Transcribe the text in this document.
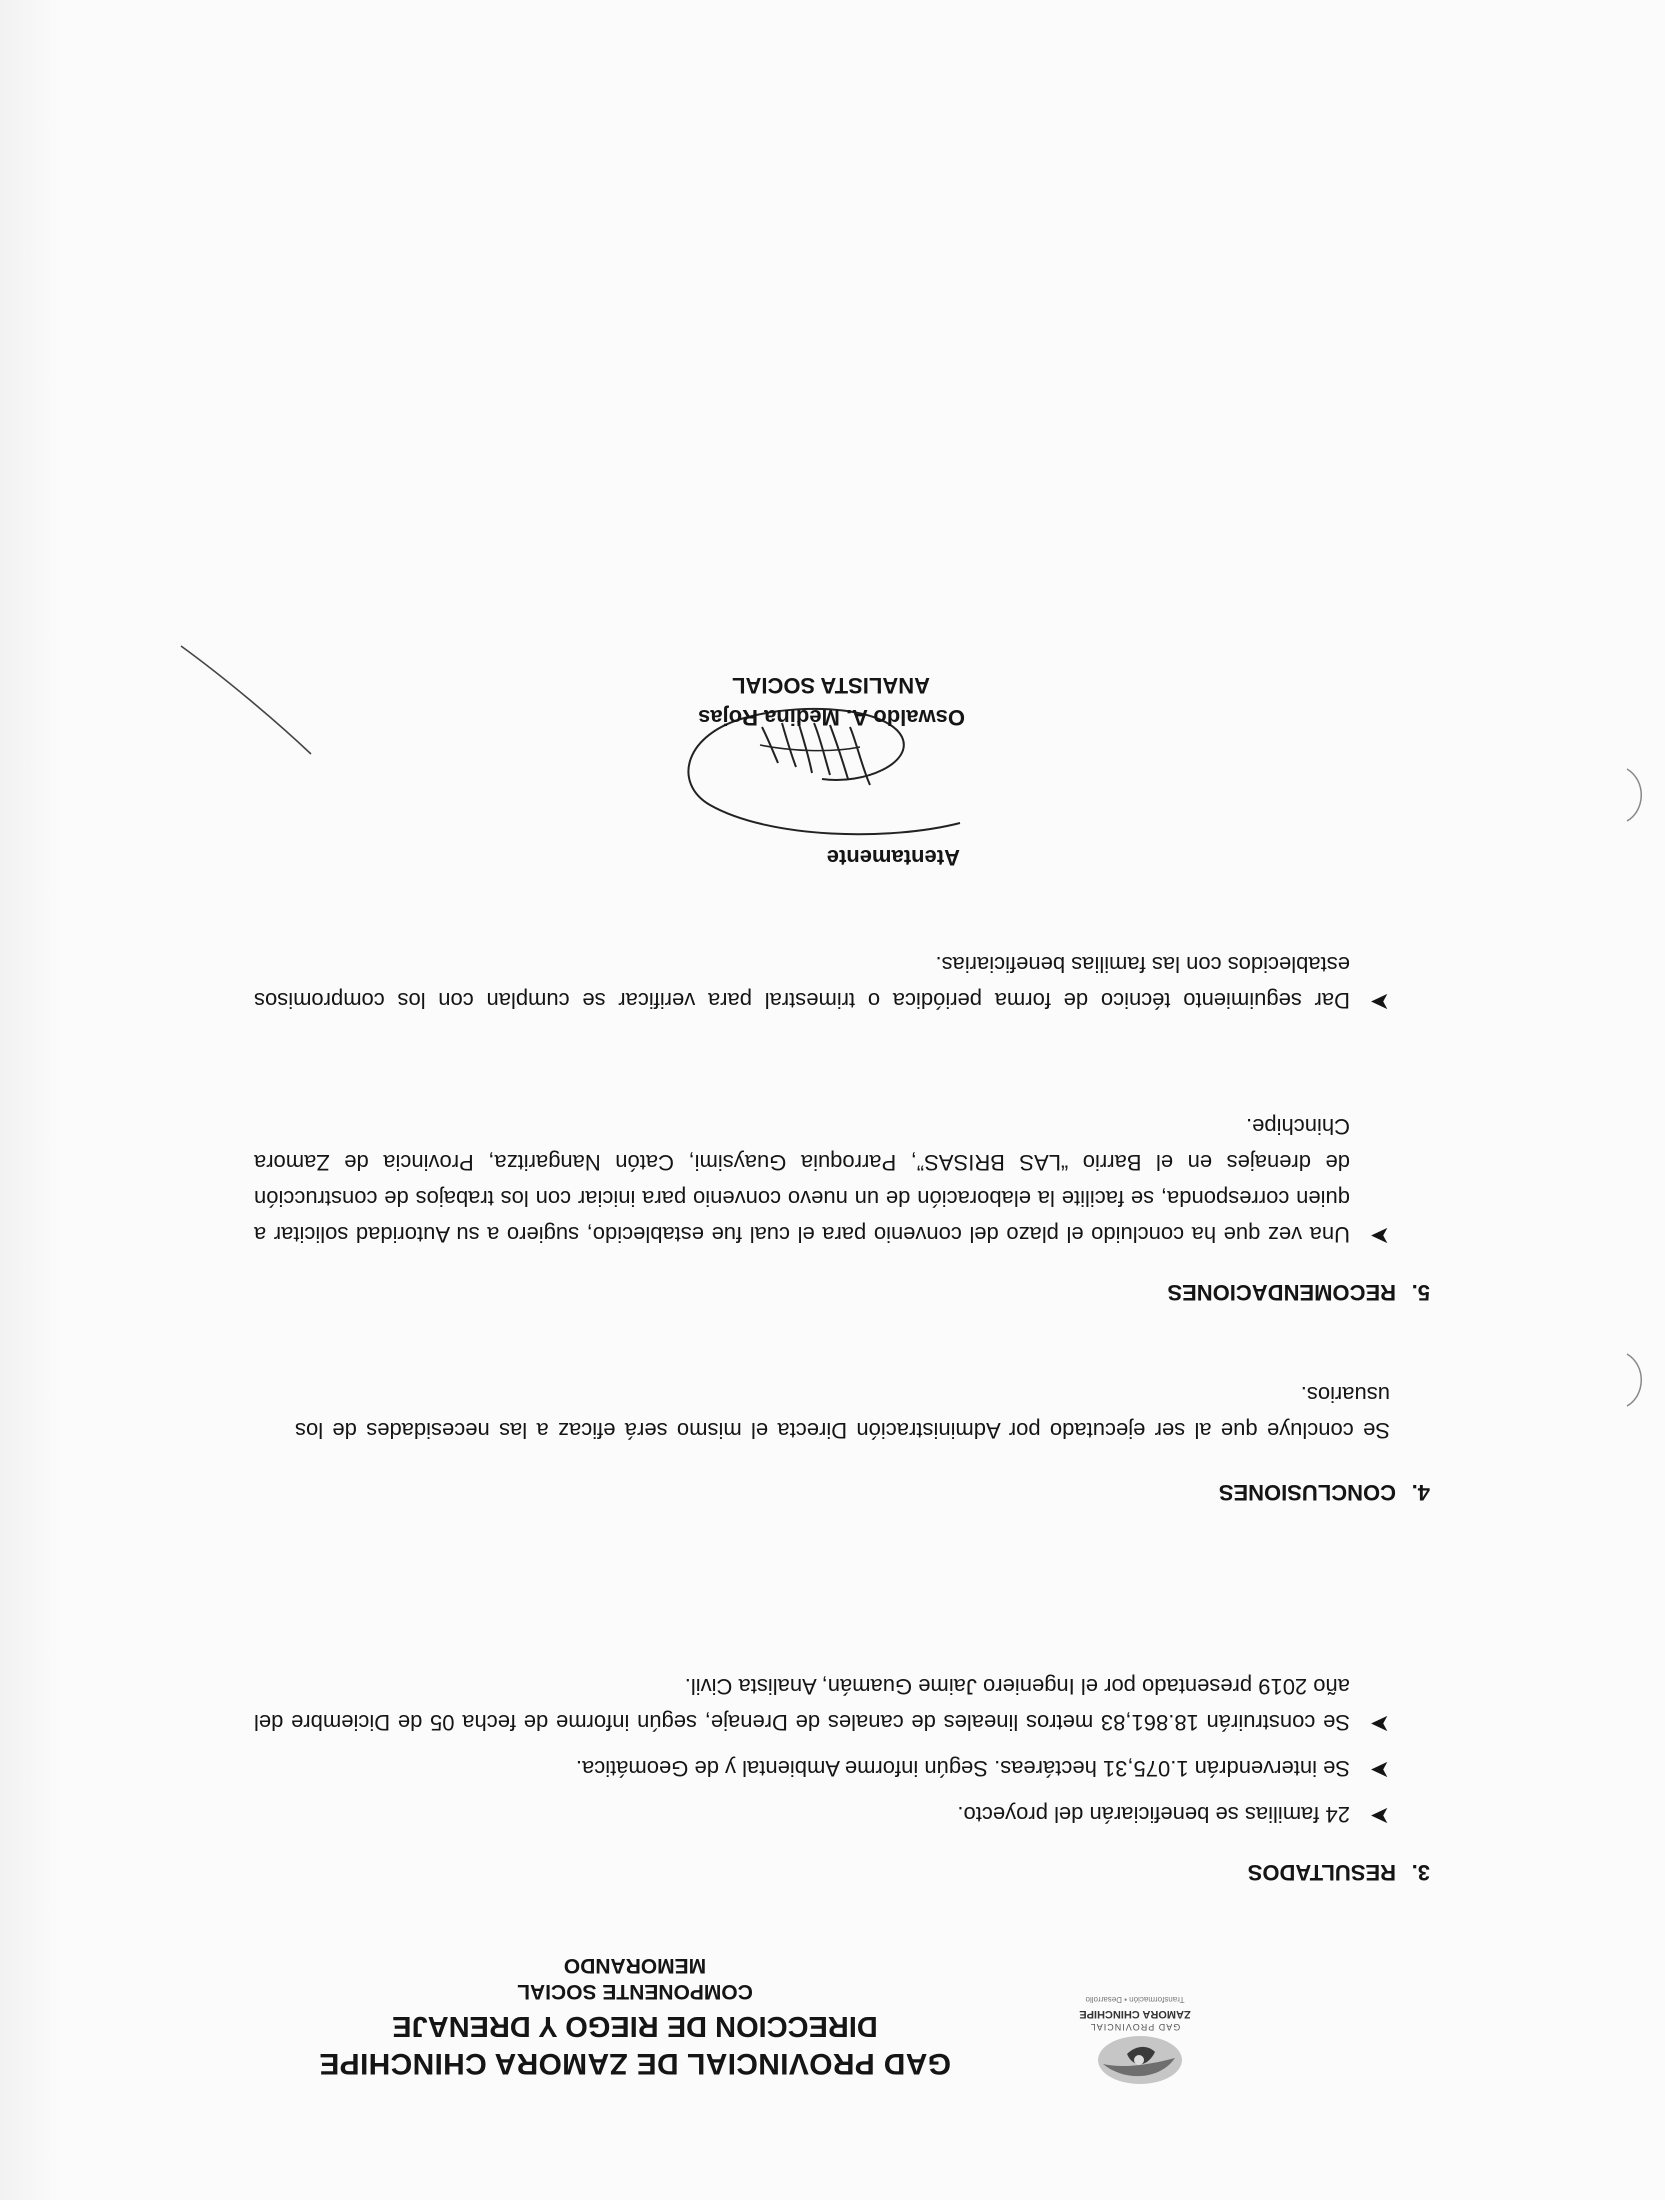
GAD PROVINCIAL
ZAMORA CHINCHIPE
Transformación • Desarrollo
GAD PROVINCIAL DE ZAMORA CHINCHIPE
DIRECCION DE RIEGO Y DRENAJE
COMPONENTE SOCIAL
MEMORANDO
3.RESULTADOS
➤

24 familias se beneficiarán del proyecto.

➤

Se intervendrán 1.075,31 hectáreas. Según informe Ambiental y de Geomática.

➤

Se construirán 18.861,83 metros lineales de canales de Drenaje, según informe de fecha 05 de Diciembre del año 2019 presentado por el Ingeniero Jaime Guamán, Analista Civil.

4.CONCLUSIONES

Se concluye que al ser ejecutado por Administración Directa el mismo será eficaz a las necesidades de los usuarios.

5.RECOMENDACIONES
➤

Una vez que ha concluido el plazo del convenio para el cual fue establecido, sugiero a su Autoridad solicitar a quien corresponda, se facilite la elaboración de un nuevo convenio para iniciar con los trabajos de construcción de drenajes en el Barrio “LAS BRISAS”, Parroquia Guaysimi, Catón Nangaritza, Provincia de Zamora Chinchipe.

➤

Dar seguimiento técnico de forma periódica o trimestral para verificar se cumplan con los compromisos establecidos con las familias beneficiarias.

Atentamente
Oswaldo A. Medina Rojas
ANALISTA SOCIAL
